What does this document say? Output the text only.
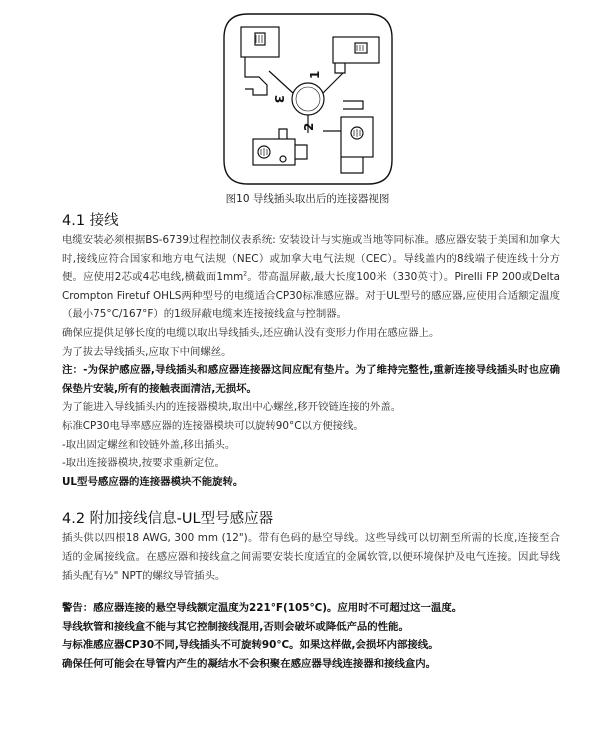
1
2
3
图10 导线插头取出后的连接器视图
4.1 接线

电缆安装必须根据BS-6739过程控制仪表系统: 安装设计与实施或当地等同标准。感应器安装于美国和加拿大时,接线应符合国家和地方电气法规（NEC）或加拿大电气法规（CEC）。导线盖内的8线端子使连线十分方便。应使用2芯或4芯电线,横截面$1mm^2$。带高温屏蔽,最大长度100米（330英寸）。Pirelli FP 200或Delta Crompton Firetuf OHLS两种型号的电缆适合CP30标准感应器。对于UL型号的感应器,应使用合适额定温度（最小75°C/167°F）的1级屏蔽电缆来连接接线盒与控制器。

确保应提供足够长度的电缆以取出导线插头,还应确认没有变形力作用在感应器上。

为了拔去导线插头,应取下中间螺丝。

注：-为保护感应器,导线插头和感应器连接器这间应配有垫片。为了维持完整性,重新连接导线插头时也应确保垫片安装,所有的接触表面清洁,无损坏。

为了能进入导线插头内的连接器模块,取出中心螺丝,移开铰链连接的外盖。

标准CP30电导率感应器的连接器模块可以旋转90°C以方便接线。

-取出固定螺丝和铰链外盖,移出插头。

-取出连接器模块,按要求重新定位。

UL型号感应器的连接器模块不能旋转。

4.2 附加接线信息-UL型号感应器

插头供以四根18 AWG, 300 mm (12")。带有色码的悬空导线。这些导线可以切割至所需的长度,连接至合适的金属接线盒。在感应器和接线盒之间需要安装长度适宜的金属软管,以便环境保护及电气连接。因此导线插头配有½" NPT的螺纹导管插头。

警告：感应器连接的悬空导线额定温度为221°F(105°C)。应用时不可超过这一温度。

导线软管和接线盒不能与其它控制接线混用,否则会破坏或降低产品的性能。

与标准感应器CP30不同,导线插头不可旋转90°C。如果这样做,会损坏内部接线。

确保任何可能会在导管内产生的凝结水不会积聚在感应器导线连接器和接线盒内。
